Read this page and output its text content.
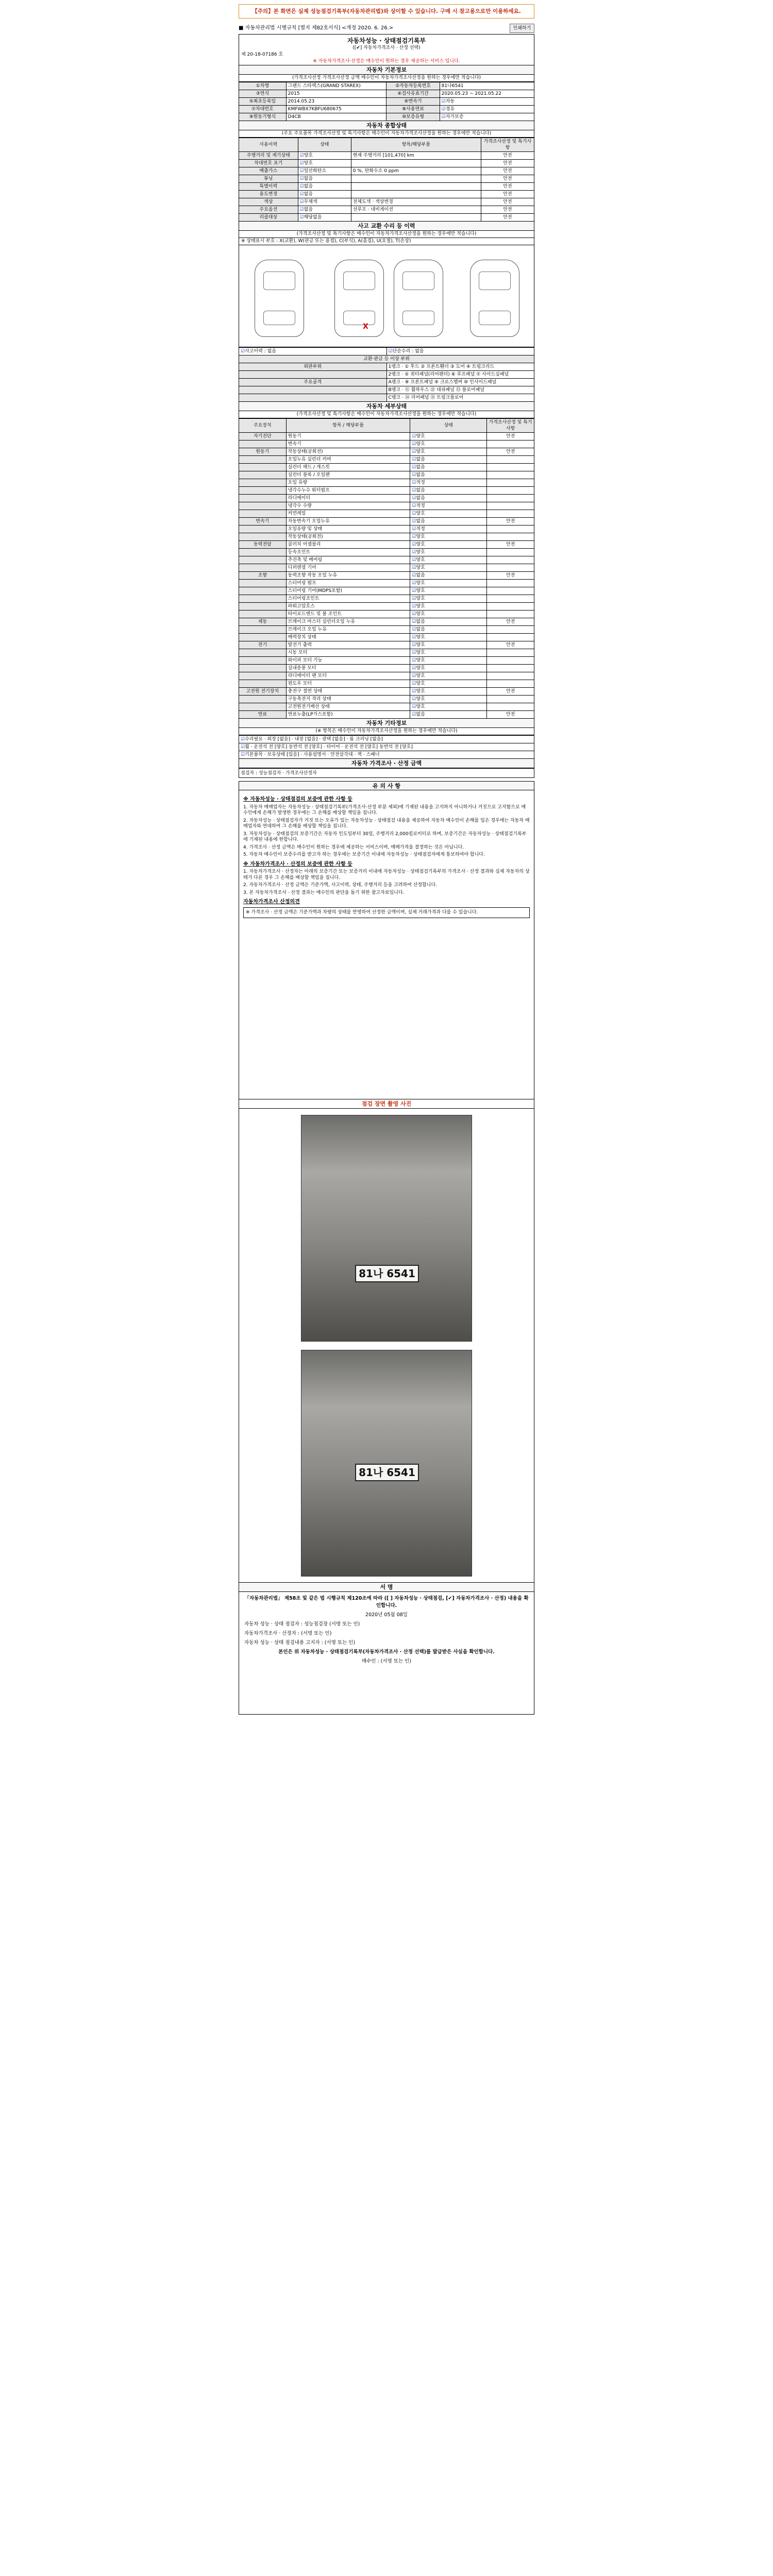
【주의】본 화면은 실제 성능점검기록부(자동차관리법)와 상이할 수 있습니다. 구매 시 참고용으로만 이용하세요.
■ 자동차관리법 시행규칙 [별지 제82호서식] <개정 2020. 6. 26.>	인쇄하기
자동차성능 · 상태점검기록부
([✔] 자동차가격조사 · 산정 선택)
제 20-18-07186 호
※ 자동차가격조사·산정은 매수인이 원하는 경우 제공하는 서비스 입니다.
자동차 기본정보
(가격조사산정 가격조사산정 금액 매수인이 자동차가격조사산정을 원하는 경우에만 적습니다)
①차명	그랜드 스타렉스(GRAND STAREX)	②자동차등록번호	81나6541
③연식	2015	④검사유효기간	2020.05.23 ~ 2021.05.22
⑤최초등록일	2014.05.23	⑥변속기	☑ 자동
⑦차대번호	KMFWBX7KBFU680675	⑧사용연료	☑ 경유
⑨원동기형식	D4CB	⑩보증유형	☑ 자가보증
자동차 종합상태
(주요 주요품목 가격조사산정 및 특기사항은 매수인이 자동차가격조사산정을 원하는 경우에만 적습니다)
사용이력	상태	항목/해당부품	가격조사산정 및 특기사항
주행거리 및 계기상태	☑ 양호	현재 주행거리 [101,470] km	안전
차대번호 표기	☑ 양호		안전
배출가스	☑ 일산화탄소	0 %, 탄화수소 0 ppm	안전
튜닝	☑ 없음		안전
특별이력	☑ 없음		안전
용도변경	☑ 없음		안전
색상	☑ 무채색	전체도색 · 색상변경	안전
주요옵션	☑ 없음	선루프 · 네비게이션	안전
리콜대상	☑ 해당없음		안전
사고 교환 수리 등 이력
(가격조사산정 및 특기사항은 매수인이 자동차가격조사산정을 원하는 경우에만 적습니다)
※ 상태표시 부호 : X(교환), W(판금 또는 용접), C(부식), A(흠집), U(요철), T(손상)
X
☑ 사고이력 : 없음	☑ 단순수리 : 없음
교환·판금 등 이상 부위	
외판부위	1랭크 · ① 후드 ② 프론트휀더 ③ 도어 ④ 트렁크리드
	2랭크 · ⑤ 쿼터패널(리어펜더) ⑥ 루프패널 ⑦ 사이드실패널
주요골격	A랭크 · ⑧ 프론트패널 ⑨ 크로스멤버 ⑩ 인사이드패널
	B랭크 · ⑪ 휠하우스 ⑫ 대쉬패널 ⑬ 플로어패널
	C랭크 · ⑭ 리어패널 ⑮ 트렁크플로어
자동차 세부상태
(가격조사산정 및 특기사항은 매수인이 자동차가격조사산정을 원하는 경우에만 적습니다)
주요장치	항목 / 해당부품	상태	가격조사산정 및 특기사항
자기진단	원동기	☑ 양호	안전
	변속기	☑ 양호	
원동기	작동상태(공회전)	☑ 양호	안전
	오일누유 실린더 커버	☑ 없음	
	실린더 헤드 / 개스킷	☑ 없음	
	실린더 블록 / 오일팬	☑ 없음	
	오일 유량	☑ 적정	
	냉각수누수 워터펌프	☑ 없음	
	라디에이터	☑ 없음	
	냉각수 수량	☑ 적정	
	커먼레일	☑ 양호	
변속기	자동변속기 오일누유	☑ 없음	안전
	오일유량 및 상태	☑ 적정	
	작동상태(공회전)	☑ 양호	
동력전달	클러치 어셈블리	☑ 양호	안전
	등속조인트	☑ 양호	
	추진축 및 베어링	☑ 양호	
	디퍼렌셜 기어	☑ 양호	
조향	동력조향 작동 오일 누유	☑ 없음	안전
	스티어링 펌프	☑ 양호	
	스티어링 기어(MDPS포함)	☑ 양호	
	스티어링조인트	☑ 양호	
	파워고압호스	☑ 양호	
	타이로드엔드 및 볼 조인트	☑ 양호	
제동	브레이크 마스터 실린더오일 누유	☑ 없음	안전
	브레이크 오일 누유	☑ 없음	
	배력장치 상태	☑ 양호	
전기	발전기 출력	☑ 양호	안전
	시동 모터	☑ 양호	
	와이퍼 모터 기능	☑ 양호	
	실내송풍 모터	☑ 양호	
	라디에이터 팬 모터	☑ 양호	
	윈도우 모터	☑ 양호	
고전원 전기장치	충전구 절연 상태	☑ 양호	안전
	구동축전지 격리 상태	☑ 양호	
	고전원전기배선 상태	☑ 양호	
연료	연료누출(LP가스포함)	☑ 없음	안전
자동차 기타정보
(※ 항목은 매수인이 자동차가격조사산정을 원하는 경우에만 적습니다)
☑ 수리필요 · 외장 [없음] · 내장 [없음] · 광택 [없음] · 룸 크리닝 [없음]
☑ 휠 · 운전석 전 [양호] 동반석 전 [양호] · 타이어 · 운전석 전 [양호] 동반석 전 [양호]
☑ 기본품목 · 보유상태 [있음] · 사용설명서 · 안전삼각대 · 잭 · 스패너
자동차 가격조사 · 산정 금액
점검자 : 성능점검자 · 가격조사산정자
유 의 사 항
※ 자동차성능 · 상태점검의 보증에 관한 사항 등

1. 자동차 매매업자는 자동차성능 · 상태점검기록부(가격조사·산정 부분 제외)에 기재된 내용을 고지하지 아니하거나 거짓으로 고지함으로 매수인에게 손해가 발생한 경우에는 그 손해를 배상할 책임을 집니다.

2. 자동차성능 · 상태점검자가 거짓 또는 오류가 있는 자동차성능 · 상태점검 내용을 제공하여 자동차 매수인이 손해를 입은 경우에는 자동차 매매업자와 연대하여 그 손해를 배상할 책임을 집니다.

3. 자동차성능 · 상태점검의 보증기간은 자동차 인도일부터 30일, 주행거리 2,000킬로미터로 하며, 보증기간은 자동차성능 · 상태점검기록부에 기재된 내용에 한합니다.

4. 가격조사 · 산정 금액은 매수인이 원하는 경우에 제공하는 서비스이며, 매매가격을 결정하는 것은 아닙니다.

5. 자동차 매수인이 보증수리를 받고자 하는 경우에는 보증기간 이내에 자동차성능 · 상태점검자에게 통보하여야 합니다.

※ 자동차가격조사 · 산정의 보증에 관한 사항 등

1. 자동차가격조사 · 산정자는 아래의 보증기간 또는 보증거리 이내에 자동차성능 · 상태점검기록부의 가격조사 · 산정 결과와 실제 자동차의 상태가 다른 경우 그 손해를 배상할 책임을 집니다.

2. 자동차가격조사 · 산정 금액은 기준가액, 사고이력, 상태, 주행거리 등을 고려하여 산정합니다.

3. 본 자동차가격조사 · 산정 결과는 매수인의 판단을 돕기 위한 참고자료입니다.

자동차가격조사 산정의견

※ 가격조사 · 산정 금액은 기준가액과 차량의 상태를 반영하여 산정한 금액이며, 실제 거래가격과 다를 수 있습니다.

점검 장면 촬영 사진
81나 6541
81나 6541
서 명

「자동차관리법」 제58조 및 같은 법 시행규칙 제120조에 따라 ([ ] 자동차성능 · 상태점검, [✔] 자동차가격조사 · 산정) 내용을 확인합니다.

2020년 05월 08일

자동차 성능 · 상태 점검자 : 성능점검장 (서명 또는 인)

자동차가격조사 · 산정자 : (서명 또는 인)

자동차 성능 · 상태 점검내용 고지자 : (서명 또는 인)

본인은 위 자동차성능 · 상태점검기록부(자동차가격조사 · 산정 선택)를 발급받은 사실을 확인합니다.

매수인 : (서명 또는 인)
